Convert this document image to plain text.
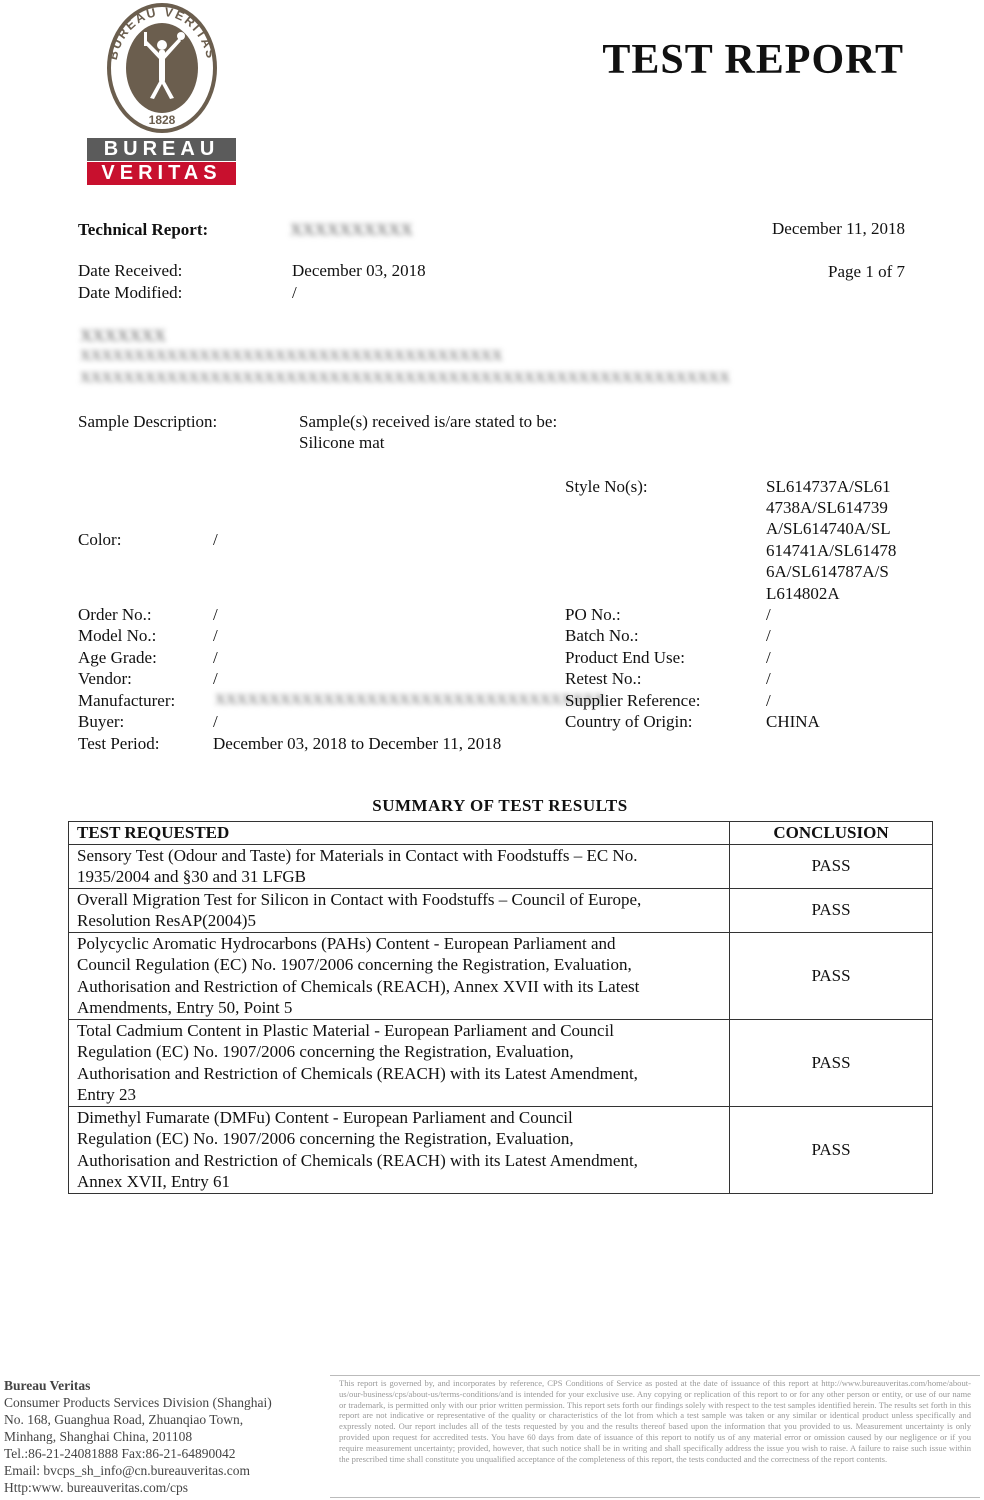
BUREAU VERITAS
1828
BUREAU
VERITAS
TEST REPORT
Technical Report:	XXXXXXXXXX	December 11, 2018
Date Received:	December 03, 2018	Page 1 of 7
Date Modified:	/
XXXXXXX
XXXXXXXXXXXXXXXXXXXXXXXXXXXXXXXXXXXXXXX
XXXXXXXXXXXXXXXXXXXXXXXXXXXXXXXXXXXXXXXXXXXXXXXXXXXXXXXXXXXX
Sample Description:	Sample(s) received is/are stated to be:
Silicone mat
Style No(s):	SL614737A/SL61
4738A/SL614739
A/SL614740A/SL
614741A/SL61478
6A/SL614787A/S
L614802A
Color:	/
Order No.:	/
Model No.:	/
Age Grade:	/
Vendor:	/
Manufacturer:	XXXXXXXXXXXXXXXXXXXXXXXXXXXXXXXXXXXX
Buyer:	/
Test Period:	December 03, 2018 to December 11, 2018
PO No.:	/
Batch No.:	/
Product End Use:	/
Retest No.:	/
Supplier Reference:	/
Country of Origin:	CHINA
SUMMARY OF TEST RESULTS
TEST REQUESTED	CONCLUSION

Sensory Test (Odour and Taste) for Materials in Contact with Foodstuffs – EC No.
1935/2004 and §30 and 31 LFGB	PASS

Overall Migration Test for Silicon in Contact with Foodstuffs – Council of Europe,
Resolution ResAP(2004)5	PASS

Polycyclic Aromatic Hydrocarbons (PAHs) Content - European Parliament and
Council Regulation (EC) No. 1907/2006 concerning the Registration, Evaluation,
Authorisation and Restriction of Chemicals (REACH), Annex XVII with its Latest
Amendments, Entry 50, Point 5	PASS

Total Cadmium Content in Plastic Material - European Parliament and Council
Regulation (EC) No. 1907/2006 concerning the Registration, Evaluation,
Authorisation and Restriction of Chemicals (REACH) with its Latest Amendment,
Entry 23	PASS

Dimethyl Fumarate (DMFu) Content - European Parliament and Council
Regulation (EC) No. 1907/2006 concerning the Registration, Evaluation,
Authorisation and Restriction of Chemicals (REACH) with its Latest Amendment,
Annex XVII, Entry 61	PASS
Bureau Veritas
Consumer Products Services Division (Shanghai)
No. 168, Guanghua Road, Zhuanqiao Town,
Minhang, Shanghai China, 201108
Tel.:86-21-24081888 Fax:86-21-64890042
Email: bvcps_sh_info@cn.bureauveritas.com
Http:www. bureauveritas.com/cps
This report is governed by, and incorporates by reference, CPS Conditions of Service as posted at the date of issuance of this report at http://www.bureauveritas.com/home/about-us/our-business/cps/about-us/terms-conditions/and is intended for your exclusive use. Any copying or replication of this report to or for any other person or entity, or use of our name or trademark, is permitted only with our prior written permission. This report sets forth our findings solely with respect to the test samples identified herein. The results set forth in this report are not indicative or representative of the quality or characteristics of the lot from which a test sample was taken or any similar or identical product unless specifically and expressly noted. Our report includes all of the tests requested by you and the results thereof based upon the information that you provided to us. Measurement uncertainty is only provided upon request for accredited tests. You have 60 days from date of issuance of this report to notify us of any material error or omission caused by our negligence or if you require measurement uncertainty; provided, however, that such notice shall be in writing and shall specifically address the issue you wish to raise. A failure to raise such issue within the prescribed time shall constitute you unqualified acceptance of the completeness of this report, the tests conducted and the correctness of the report contents.
